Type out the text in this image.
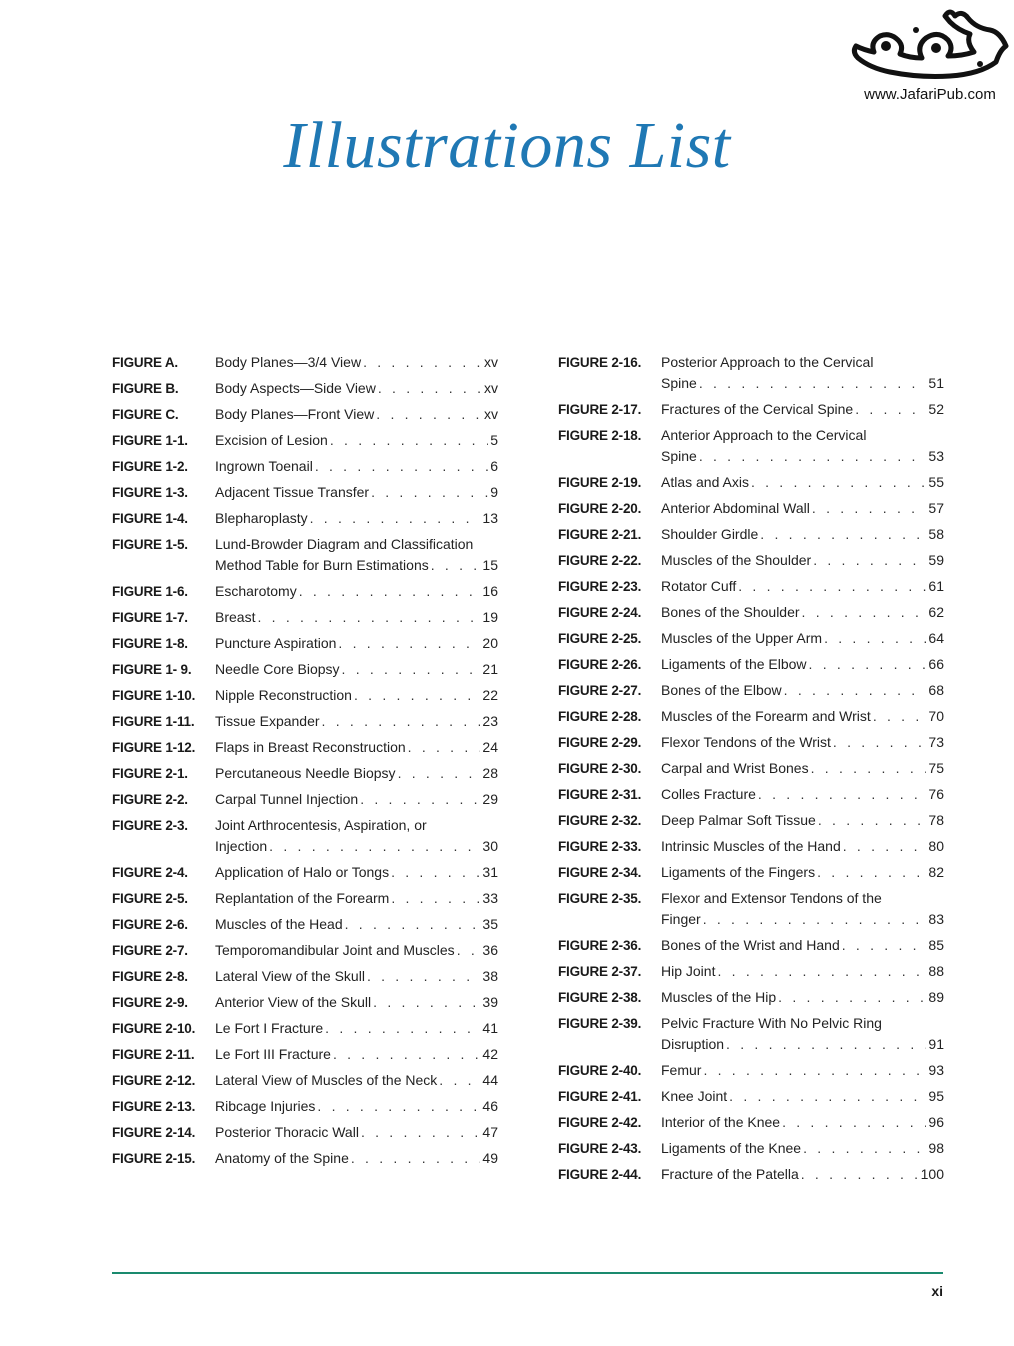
www.JafariPub.com
Illustrations List
FIGURE A.	Body Planes—3/4 View . . .	xv
FIGURE B.	Body Aspects—Side View . . .	xv
FIGURE C.	Body Planes—Front View . . .	xv
FIGURE 1-1.	Excision of Lesion . . .	5
FIGURE 1-2.	Ingrown Toenail . . .	6
FIGURE 1-3.	Adjacent Tissue Transfer . . .	9
FIGURE 1-4.	Blepharoplasty . . .	13
FIGURE 1-5.	Lund-Browder Diagram and Classification
Method Table for Burn Estimations . . .	15
FIGURE 1-6.	Escharotomy . . .	16
FIGURE 1-7.	Breast . . .	19
FIGURE 1-8.	Puncture Aspiration . . .	20
FIGURE 1- 9.	Needle Core Biopsy . . .	21
FIGURE 1-10.	Nipple Reconstruction . . .	22
FIGURE 1-11.	Tissue Expander . . .	23
FIGURE 1-12.	Flaps in Breast Reconstruction . . .	24
FIGURE 2-1.	Percutaneous Needle Biopsy . . .	28
FIGURE 2-2.	Carpal Tunnel Injection . . .	29
FIGURE 2-3.	Joint Arthrocentesis, Aspiration, or
Injection . . .	30
FIGURE 2-4.	Application of Halo or Tongs . . .	31
FIGURE 2-5.	Replantation of the Forearm . . .	33
FIGURE 2-6.	Muscles of the Head . . .	35
FIGURE 2-7.	Temporomandibular Joint and Muscles . . . 36
FIGURE 2-8.	Lateral View of the Skull . . .	38
FIGURE 2-9.	Anterior View of the Skull . . .	39
FIGURE 2-10.	Le Fort I Fracture . . .	41
FIGURE 2-11.	Le Fort III Fracture . . .	42
FIGURE 2-12.	Lateral View of Muscles of the Neck . . .	44
FIGURE 2-13.	Ribcage Injuries . . .	46
FIGURE 2-14.	Posterior Thoracic Wall . . .	47
FIGURE 2-15.	Anatomy of the Spine . . .	49
FIGURE 2-16.	Posterior Approach to the Cervical
Spine . . .	51
FIGURE 2-17.	Fractures of the Cervical Spine . . .	52
FIGURE 2-18.	Anterior Approach to the Cervical
Spine . . .	53
FIGURE 2-19.	Atlas and Axis . . .	55
FIGURE 2-20.	Anterior Abdominal Wall . . .	57
FIGURE 2-21.	Shoulder Girdle . . .	58
FIGURE 2-22.	Muscles of the Shoulder . . .	59
FIGURE 2-23.	Rotator Cuff . . .	61
FIGURE 2-24.	Bones of the Shoulder . . .	62
FIGURE 2-25.	Muscles of the Upper Arm . . .	64
FIGURE 2-26.	Ligaments of the Elbow . . .	66
FIGURE 2-27.	Bones of the Elbow . . .	68
FIGURE 2-28.	Muscles of the Forearm and Wrist . . .	70
FIGURE 2-29.	Flexor Tendons of the Wrist . . .	73
FIGURE 2-30.	Carpal and Wrist Bones . . .	75
FIGURE 2-31.	Colles Fracture . . .	76
FIGURE 2-32.	Deep Palmar Soft Tissue . . .	78
FIGURE 2-33.	Intrinsic Muscles of the Hand . . .	80
FIGURE 2-34.	Ligaments of the Fingers . . .	82
FIGURE 2-35.	Flexor and Extensor Tendons of the
Finger . . .	83
FIGURE 2-36.	Bones of the Wrist and Hand . . .	85
FIGURE 2-37.	Hip Joint . . .	88
FIGURE 2-38.	Muscles of the Hip . . .	89
FIGURE 2-39.	Pelvic Fracture With No Pelvic Ring
Disruption . . .	91
FIGURE 2-40.	Femur . . .	93
FIGURE 2-41.	Knee Joint . . .	95
FIGURE 2-42.	Interior of the Knee . . .	96
FIGURE 2-43.	Ligaments of the Knee . . .	98
FIGURE 2-44.	Fracture of the Patella . . .	100
xi
